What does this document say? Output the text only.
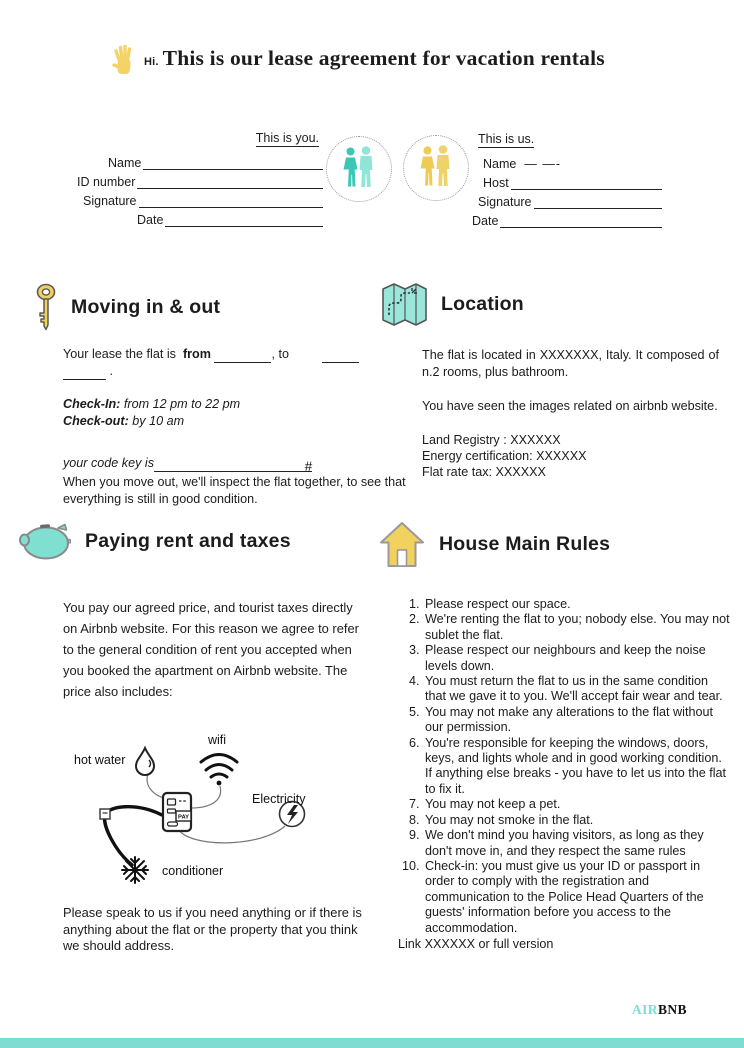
Hi. This is our lease agreement for vacation rentals
This is you.
Name
ID number
Signature
Date
This is us.
Name — —-
Host
Signature
Date
Moving in & out	Location
Your lease the flat is from	, to
.
Check-In: from 12 pm to 22 pm
Check-out: by 10 am
your code key is	#
When you move out, we'll inspect the flat together, to see that everything is still in good condition.

The flat is located in XXXXXXX, Italy. It composed of n.2 rooms, plus bathroom.

You have seen the images related on airbnb website.

Land Registry : XXXXXX
Energy certification: XXXXXX
Flat rate tax: XXXXXX
Paying rent and taxes	House Main Rules
You pay our agreed price, and tourist taxes directly on Airbnb website. For this reason we agree to refer to the general condition of rent you accepted when you booked the apartment on Airbnb website. The price also includes:
PAY
wifi
hot water
Electricity
conditioner
Please speak to us if you need anything or if there is anything about the flat or the property that you think we should address.
1. Please respect our space.
2. We're renting the flat to you; nobody else. You may not sublet the flat.
3. Please respect our neighbours and keep the noise levels down.
4. You must return the flat to us in the same condition that we gave it to you. We'll accept fair wear and tear.
5. You may not make any alterations to the flat without our permission.
6. You're responsible for keeping the windows, doors, keys, and lights whole and in good working condition. If anything else breaks - you have to let us into the flat to fix it.
7. You may not keep a pet.
8. You may not smoke in the flat.
9. We don't mind you having visitors, as long as they don't move in, and they respect the same rules
10. Check-in: you must give us your ID or passport in order to comply with the registration and communication to the Police Head Quarters of the guests' information before you access to the accommodation.
Link XXXXXX or full version
AIRBNB
